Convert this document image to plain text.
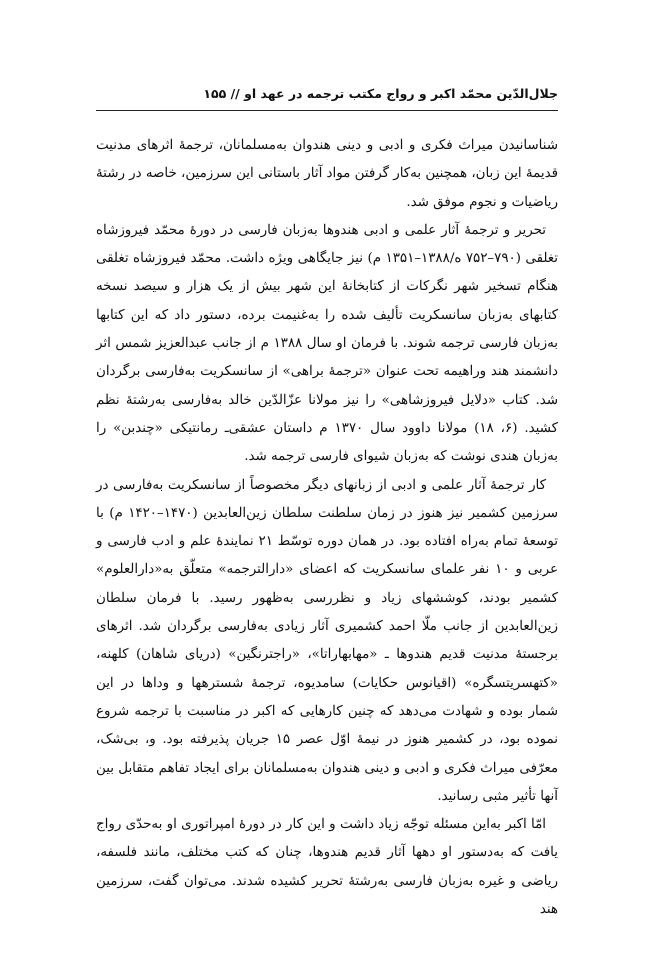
جلال‌الدّین محمّد اکبر و رواج مکتب ترجمه در عهد او // ۱۵۵

شناسانیدن میراث فکری و ادبی و دینی هندوان به‌مسلمانان، ترجمهٔ اثرهای مدنیت قدیمهٔ این زبان، همچنین به‌کار گرفتن مواد آثار باستانی این سرزمین، خاصه در رشتهٔ ریاضیات و نجوم موفق شد.

تحریر و ترجمهٔ آثار علمی و ادبی هندوها به‌زبان فارسی در دورهٔ محمّد فیروزشاه تغلقی (۷۹۰–۷۵۲ ه/۱۳۸۸–۱۳۵۱ م) نیز جایگاهی ویژه داشت. محمّد فیروزشاه تغلقی هنگام تسخیر شهر نگرکات از کتابخانهٔ این شهر بیش از یک هزار و سیصد نسخه کتابهای به‌زبان سانسکریت تألیف شده را به‌غنیمت برده، دستور داد که این کتابها به‌زبان فارسی ترجمه شوند. با فرمان او سال ۱۳۸۸ م از جانب عبدالعزیز شمس اثر دانشمند هند وراهیمه تحت عنوان «ترجمهٔ براهی» از سانسکریت به‌فارسی برگردان شد. کتاب «دلایل فیروزشاهی» را نیز مولانا عزّالدّین خالد به‌فارسی به‌رشتهٔ نظم کشید. (۶، ۱۸) مولانا داوود سال ۱۳۷۰ م داستان عشقی‌ـ رمانتیکی «چندبن» را به‌زبان هندی نوشت که به‌زبان شیوای فارسی ترجمه شد.

کار ترجمهٔ آثار علمی و ادبی از زبانهای دیگر مخصوصاً از سانسکریت به‌فارسی در سرزمین کشمیر نیز هنوز در زمان سلطنت سلطان زین‌العابدین (۱۴۷۰–۱۴۲۰ م) با توسعهٔ تمام به‌راه افتاده بود. در همان دوره توسّط ۲۱ نمایندهٔ علم و ادب فارسی و عربی و ۱۰ نفر علمای سانسکریت که اعضای «دارالترجمه» متعلّق به«دارالعلوم» کشمیر بودند، کوششهای زیاد و نظررسی به‌ظهور رسید. با فرمان سلطان زین‌العابدین از جانب ملّا احمد کشمیری آثار زیادی به‌فارسی برگردان شد. اثرهای برجستهٔ مدنیت قدیم هندوها ـ «مهابهاراتا»، «راجترنگین» (دریای شاهان) کلهنه، «کتهسریتسگره» (اقیانوس حکایات) سامدیوه، ترجمهٔ شسترهها و وداها در این شمار بوده و شهادت می‌دهد که چنین کارهایی که اکبر در مناسبت با ترجمه شروع نموده بود، در کشمیر هنوز در نیمهٔ اوّل عصر ۱۵ جریان پذیرفته بود. و، بی‌شک، معرّفی میراث فکری و ادبی و دینی هندوان به‌مسلمانان برای ایجاد تفاهم متقابل بین آنها تأثیر مثبی رسانید.

امّا اکبر به‌این مسئله توجّه زیاد داشت و این کار در دورهٔ امپراتوری او به‌حدّی رواج یافت که به‌دستور او دهها آثار قدیم هندوها، چنان که کتب مختلف، مانند فلسفه، ریاضی و غیره به‌زبان فارسی به‌رشتهٔ تحریر کشیده شدند. می‌توان گفت، سرزمین هند
